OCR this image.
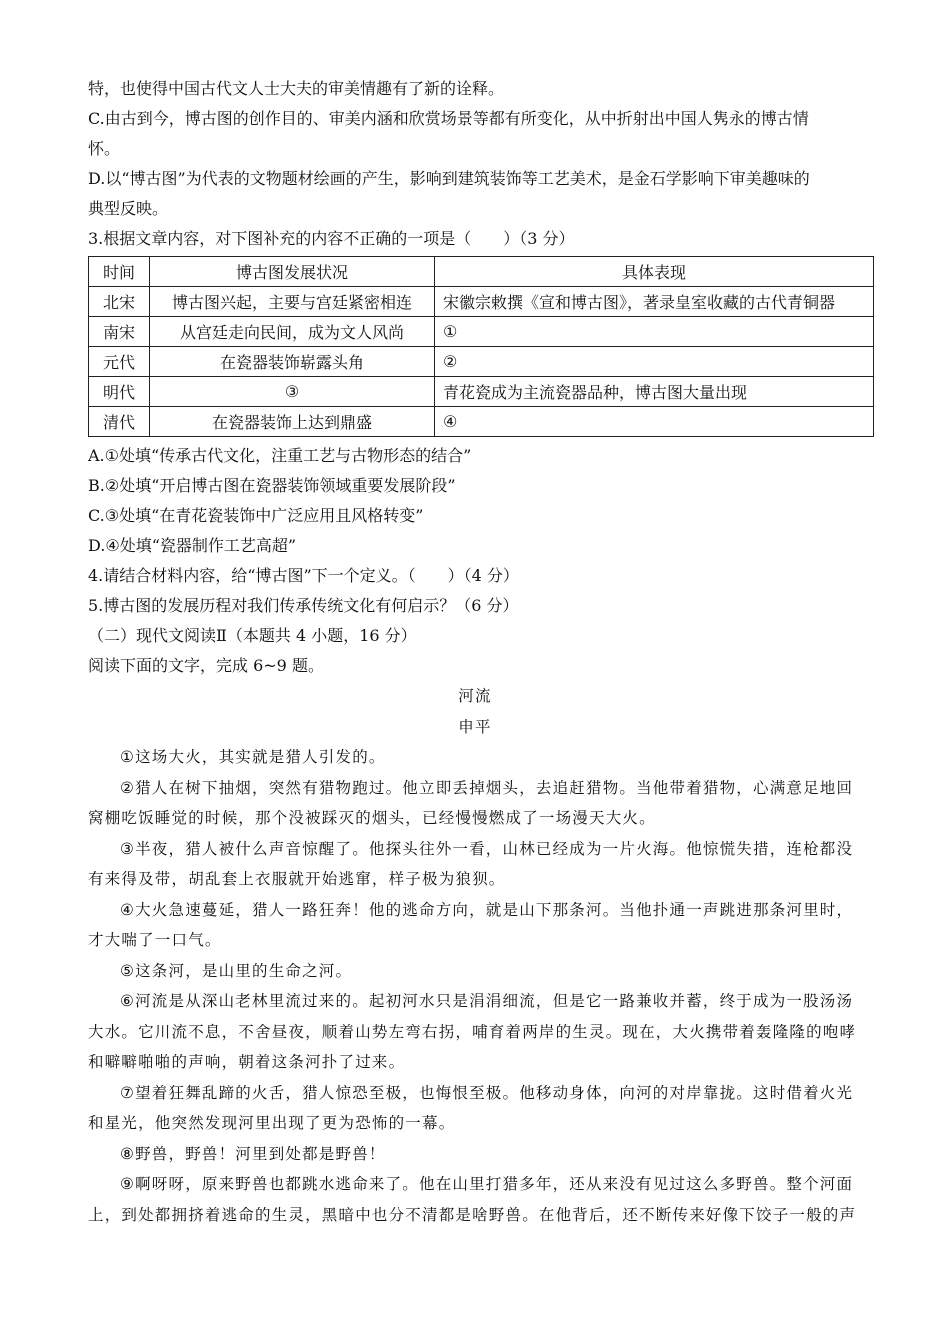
特，也使得中国古代文人士大夫的审美情趣有了新的诠释。

C.由古到今，博古图的创作目的、审美内涵和欣赏场景等都有所变化，从中折射出中国人隽永的博古情

怀。

D.以“博古图”为代表的文物题材绘画的产生，影响到建筑装饰等工艺美术，是金石学影响下审美趣味的

典型反映。

3.根据文章内容，对下图补充的内容不正确的一项是（　　）（3 分）

时间	博古图发展状况	具体表现
北宋	博古图兴起，主要与宫廷紧密相连	宋徽宗敕撰《宣和博古图》，著录皇室收藏的古代青铜器
南宋	从宫廷走向民间，成为文人风尚	①
元代	在瓷器装饰崭露头角	②
明代	③	青花瓷成为主流瓷器品种，博古图大量出现
清代	在瓷器装饰上达到鼎盛	④

A.①处填“传承古代文化，注重工艺与古物形态的结合”

B.②处填“开启博古图在瓷器装饰领域重要发展阶段”

C.③处填“在青花瓷装饰中广泛应用且风格转变”

D.④处填“瓷器制作工艺高超”

4.请结合材料内容，给“博古图”下一个定义。（　　）（4 分）

5.博古图的发展历程对我们传承传统文化有何启示？（6 分）

（二）现代文阅读Ⅱ（本题共 4 小题，16 分）

阅读下面的文字，完成 6~9 题。

河流

申平

①这场大火，其实就是猎人引发的。

②猎人在树下抽烟，突然有猎物跑过。他立即丢掉烟头，去追赶猎物。当他带着猎物，心满意足地回

窝棚吃饭睡觉的时候，那个没被踩灭的烟头，已经慢慢燃成了一场漫天大火。

③半夜，猎人被什么声音惊醒了。他探头往外一看，山林已经成为一片火海。他惊慌失措，连枪都没

有来得及带，胡乱套上衣服就开始逃窜，样子极为狼狈。

④大火急速蔓延，猎人一路狂奔！他的逃命方向，就是山下那条河。当他扑通一声跳进那条河里时，

才大喘了一口气。

⑤这条河，是山里的生命之河。

⑥河流是从深山老林里流过来的。起初河水只是涓涓细流，但是它一路兼收并蓄，终于成为一股汤汤

大水。它川流不息，不舍昼夜，顺着山势左弯右拐，哺育着两岸的生灵。现在，大火携带着轰隆隆的咆哮

和噼噼啪啪的声响，朝着这条河扑了过来。

⑦望着狂舞乱蹄的火舌，猎人惊恐至极，也悔恨至极。他移动身体，向河的对岸靠拢。这时借着火光

和星光，他突然发现河里出现了更为恐怖的一幕。

⑧野兽，野兽！河里到处都是野兽！

⑨啊呀呀，原来野兽也都跳水逃命来了。他在山里打猎多年，还从来没有见过这么多野兽。整个河面

上，到处都拥挤着逃命的生灵，黑暗中也分不清都是啥野兽。在他背后，还不断传来好像下饺子一般的声
